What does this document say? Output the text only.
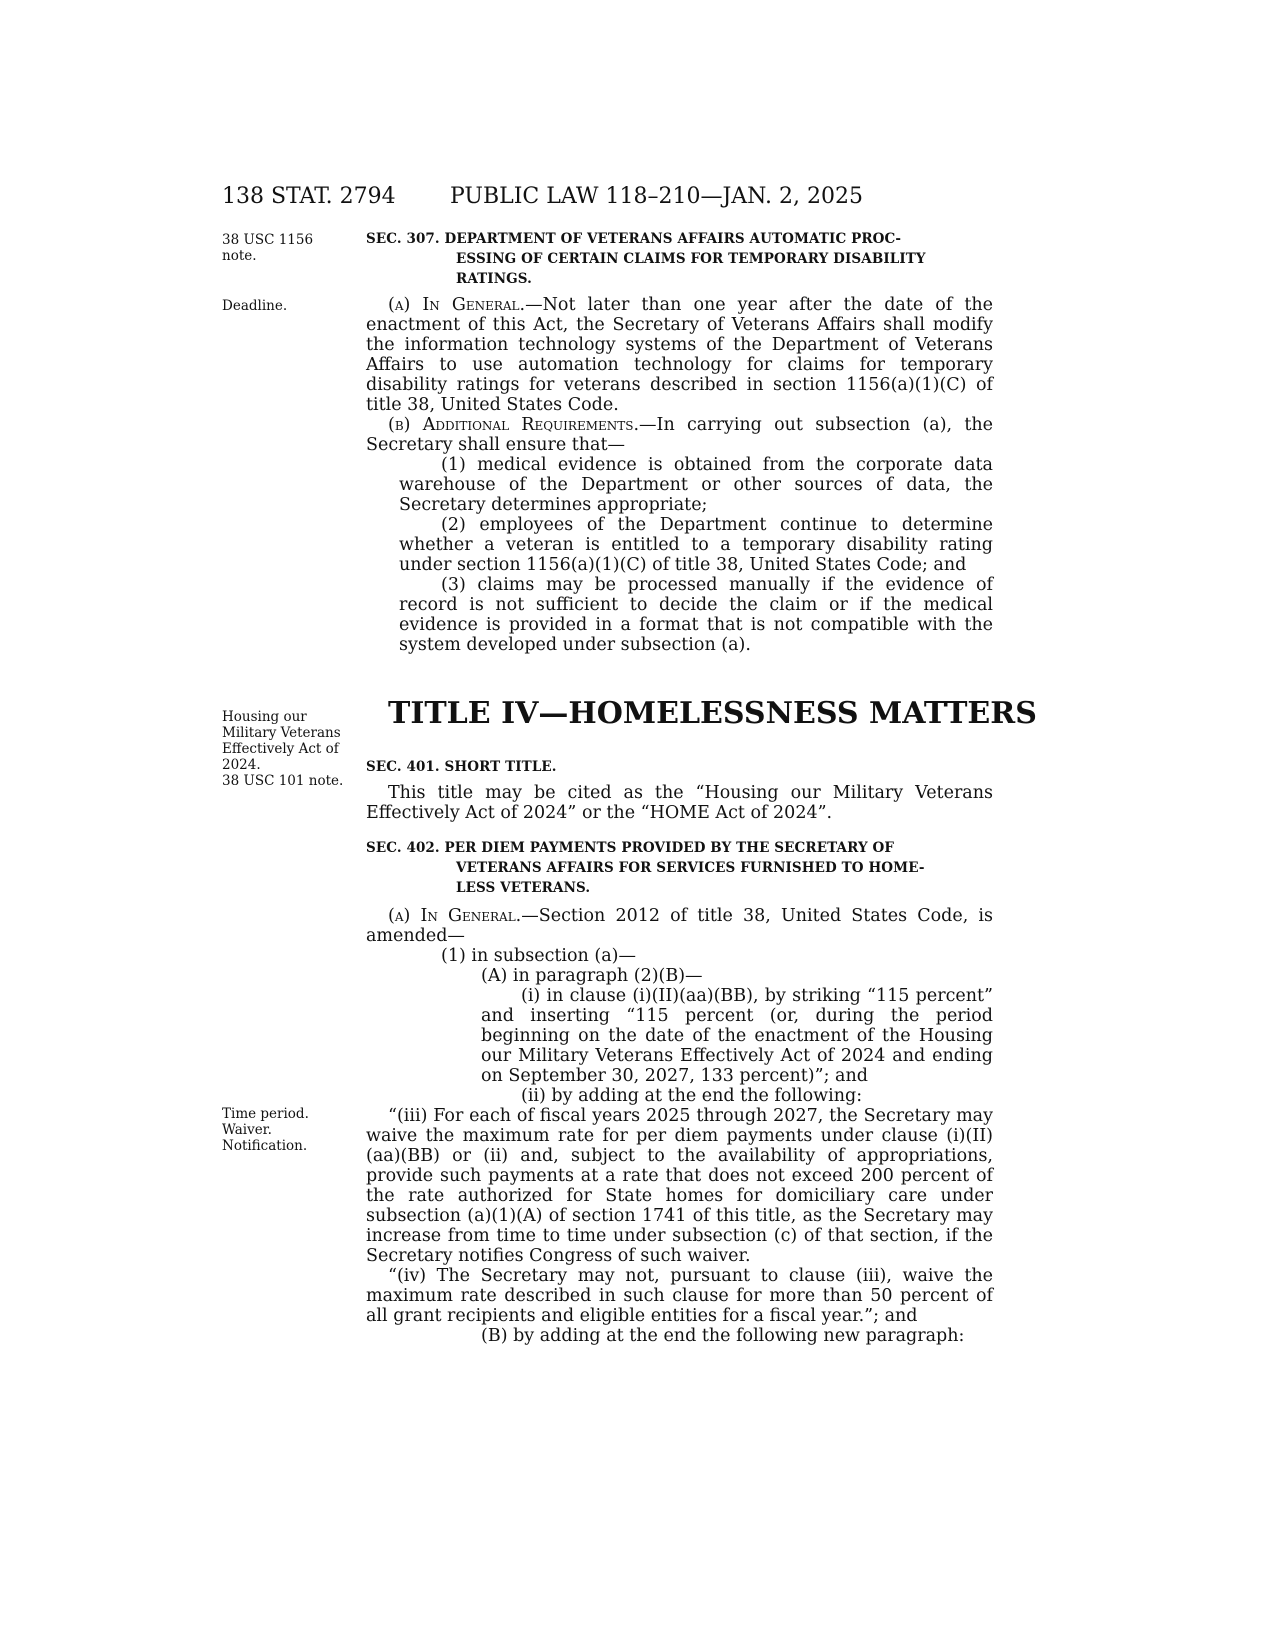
138 STAT. 2794 PUBLIC LAW 118–210—JAN. 2, 2025
38 USC 1156 note.
Deadline.
Housing our Military Veterans Effectively Act of 2024.
38 USC 101 note.
Time period.
Waiver.
Notification.
SEC. 307. DEPARTMENT OF VETERANS AFFAIRS AUTOMATIC PROC-
ESSING OF CERTAIN CLAIMS FOR TEMPORARY DISABILITY
RATINGS.

(a) In General.—Not later than one year after the date of the enactment of this Act, the Secretary of Veterans Affairs shall modify the information technology systems of the Department of Veterans Affairs to use automation technology for claims for temporary disability ratings for veterans described in section 1156(a)(1)(C) of title 38, United States Code.

(b) Additional Requirements.—In carrying out subsection (a), the Secretary shall ensure that—

(1) medical evidence is obtained from the corporate data warehouse of the Department or other sources of data, the Secretary determines appropriate;

(2) employees of the Department continue to determine whether a veteran is entitled to a temporary disability rating under section 1156(a)(1)(C) of title 38, United States Code; and

(3) claims may be processed manually if the evidence of record is not sufficient to decide the claim or if the medical evidence is provided in a format that is not compatible with the system developed under subsection (a).

TITLE IV—HOMELESSNESS MATTERS
SEC. 401. SHORT TITLE.

This title may be cited as the “Housing our Military Veterans Effectively Act of 2024” or the “HOME Act of 2024”.

SEC. 402. PER DIEM PAYMENTS PROVIDED BY THE SECRETARY OF
VETERANS AFFAIRS FOR SERVICES FURNISHED TO HOME-
LESS VETERANS.

(a) In General.—Section 2012 of title 38, United States Code, is amended—

(1) in subsection (a)—

(A) in paragraph (2)(B)—

(i) in clause (i)(II)(aa)(BB), by striking “115 percent” and inserting “115 percent (or, during the period beginning on the date of the enactment of the Housing our Military Veterans Effectively Act of 2024 and ending on September 30, 2027, 133 percent)”; and

(ii) by adding at the end the following:

“(iii) For each of fiscal years 2025 through 2027, the Secretary may waive the maximum rate for per diem payments under clause (i)(II)(aa)(BB) or (ii) and, subject to the availability of appropriations, provide such payments at a rate that does not exceed 200 percent of the rate authorized for State homes for domiciliary care under subsection (a)(1)(A) of section 1741 of this title, as the Secretary may increase from time to time under subsection (c) of that section, if the Secretary notifies Congress of such waiver.

“(iv) The Secretary may not, pursuant to clause (iii), waive the maximum rate described in such clause for more than 50 percent of all grant recipients and eligible entities for a fiscal year.”; and

(B) by adding at the end the following new paragraph:
